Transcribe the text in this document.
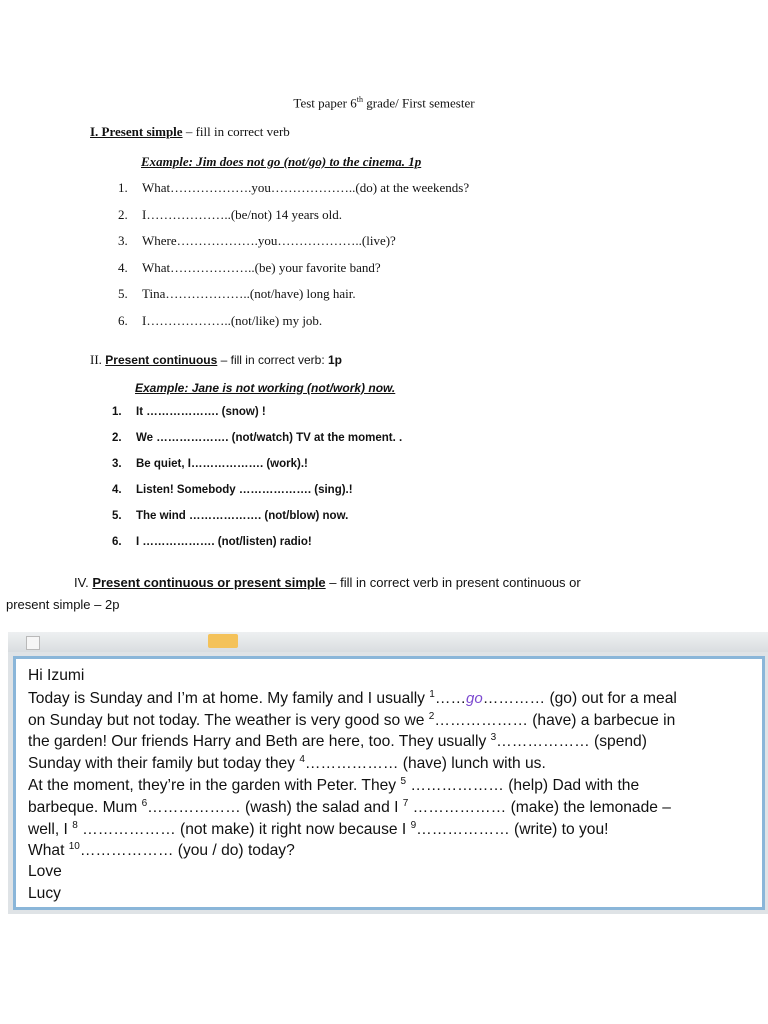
Test paper 6th grade/ First semester
I. Present simple – fill in correct verb
Example: Jim does not go (not/go) to the cinema. 1p
1.	What……………….you………………..(do) at the weekends?
2.	I………………..(be/not) 14 years old.
3.	Where……………….you………………..(live)?
4.	What………………..(be) your favorite band?
5.	Tina………………..(not/have) long hair.
6.	I………………..(not/like) my job.
II. Present continuous – fill in correct verb: 1p
Example: Jane is not working (not/work) now.
1.	It ………………. (snow) !
2.	We ………………. (not/watch) TV at the moment. .
3.	Be quiet, I………………. (work).!
4.	Listen! Somebody ………………. (sing).!
5.	The wind ………………. (not/blow) now.
6.	I ………………. (not/listen) radio!
IV. Present continuous or present simple – fill in correct verb in present continuous or
present simple – 2p
Hi Izumi
Today is Sunday and I’m at home. My family and I usually $^1$……go………… (go) out for a meal
on Sunday but not today. The weather is very good so we $^2$……………… (have) a barbecue in
the garden! Our friends Harry and Beth are here, too. They usually $^3$……………… (spend)
Sunday with their family but today they $^4$……………… (have) lunch with us.
At the moment, they’re in the garden with Peter. They $^5$ ……………… (help) Dad with the
barbeque. Mum $^6$……………… (wash) the salad and I $^7$ ……………… (make) the lemonade –
well, I $^8$ ……………… (not make) it right now because I $^9$……………… (write) to you!
What $^{10}$……………… (you / do) today?
Love
Lucy
